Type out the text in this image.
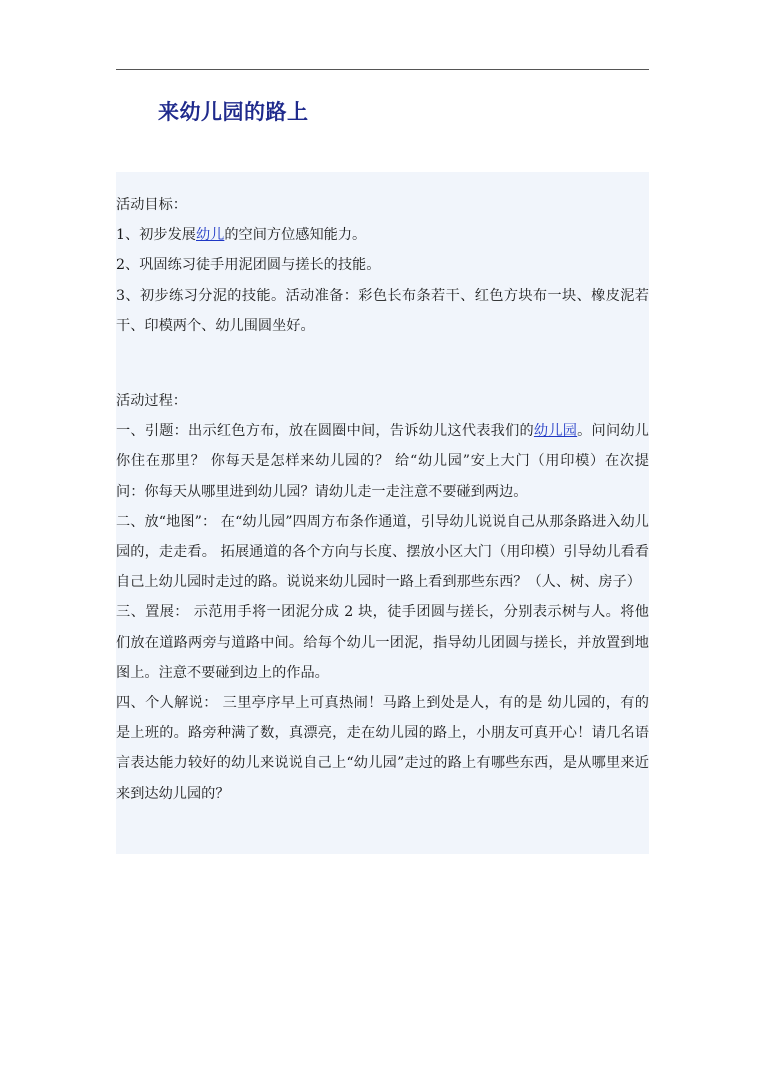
来幼儿园的路上

活动目标：

1、初步发展幼儿的空间方位感知能力。

2、巩固练习徒手用泥团圆与搓长的技能。

3、初步练习分泥的技能。活动准备：彩色长布条若干、红色方块布一块、橡皮泥若干、印模两个、幼儿围圆坐好。

活动过程：

一、引题：出示红色方布，放在圆圈中间，告诉幼儿这代表我们的幼儿园。问问幼儿你住在那里？ 你每天是怎样来幼儿园的？ 给“幼儿园”安上大门（用印模）在次提问：你每天从哪里进到幼儿园？请幼儿走一走注意不要碰到两边。

二、放“地图”： 在“幼儿园”四周方布条作通道，引导幼儿说说自己从那条路进入幼儿园的，走走看。 拓展通道的各个方向与长度、摆放小区大门（用印模）引导幼儿看看自己上幼儿园时走过的路。说说来幼儿园时一路上看到那些东西？（人、树、房子）

三、置展： 示范用手将一团泥分成 2 块，徒手团圆与搓长，分别表示树与人。将他们放在道路两旁与道路中间。给每个幼儿一团泥，指导幼儿团圆与搓长，并放置到地图上。注意不要碰到边上的作品。

四、个人解说： 三里亭序早上可真热闹！马路上到处是人，有的是 幼儿园的，有的是上班的。路旁种满了数，真漂亮，走在幼儿园的路上，小朋友可真开心！请几名语言表达能力较好的幼儿来说说自己上“幼儿园”走过的路上有哪些东西，是从哪里来近来到达幼儿园的？
